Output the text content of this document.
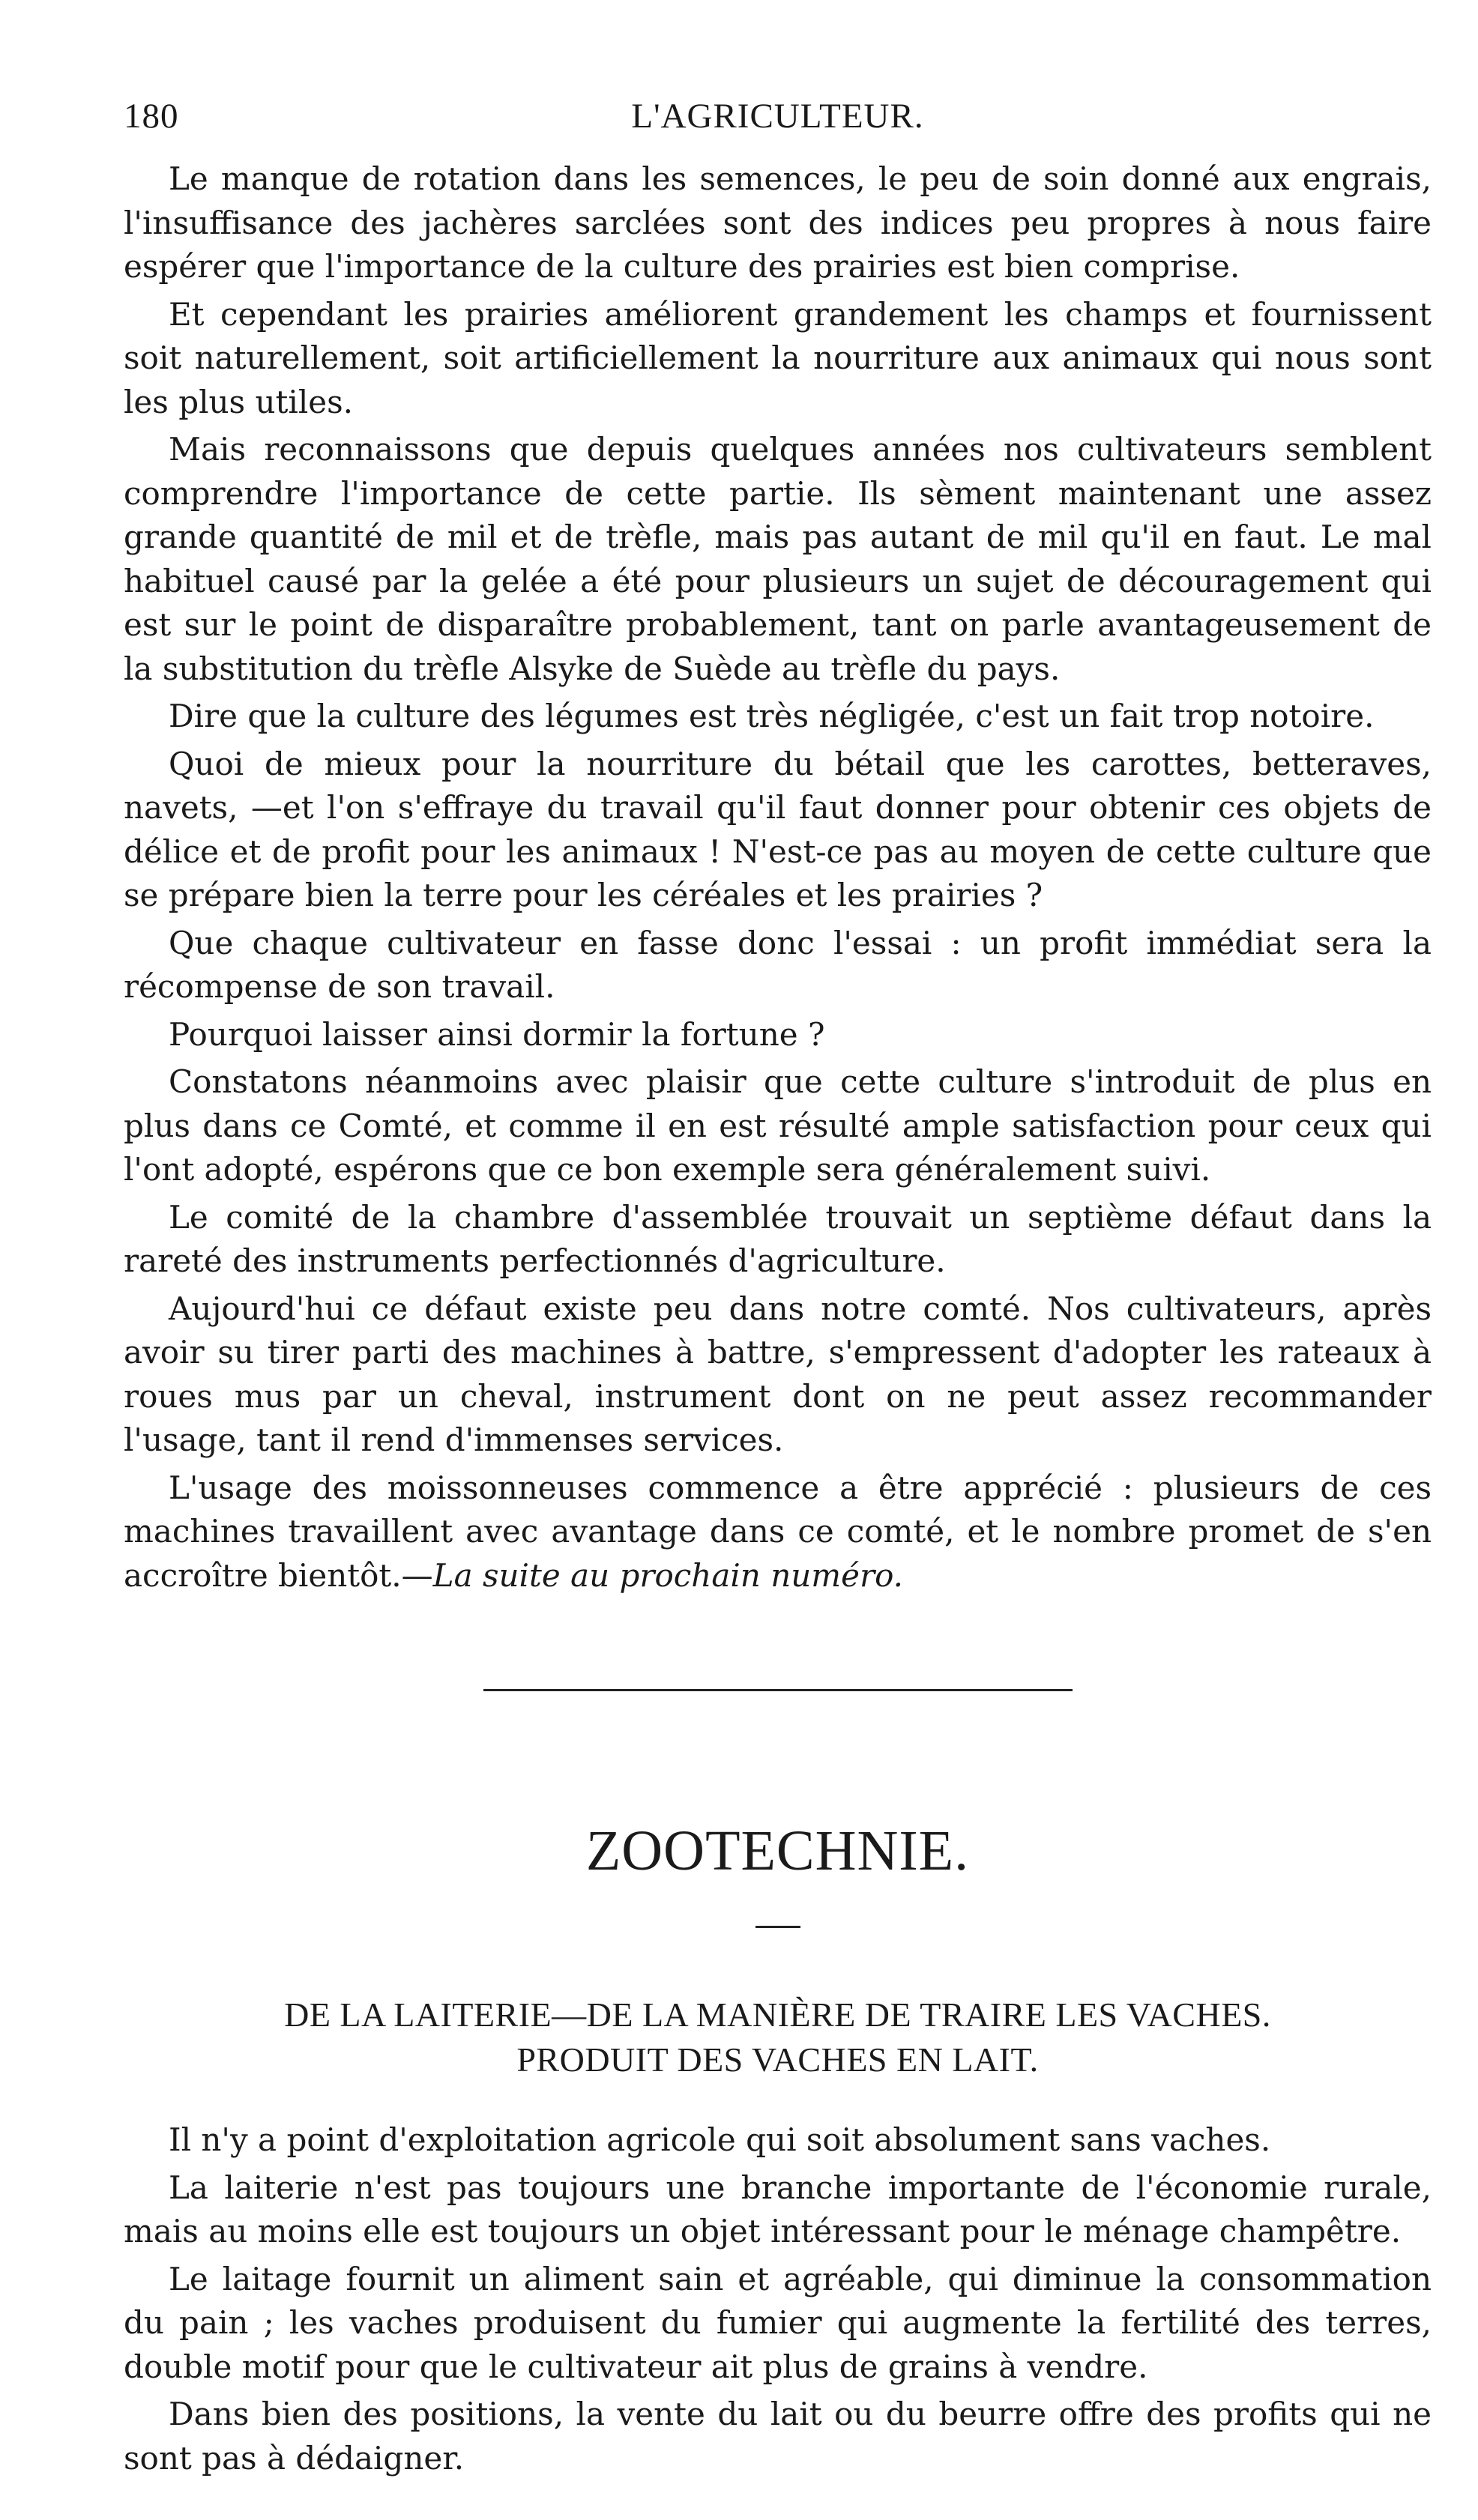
180	L'AGRICULTEUR.

Le manque de rotation dans les semences, le peu de soin donné aux engrais, l'insuffisance des jachères sarclées sont des indices peu propres à nous faire espérer que l'importance de la culture des prairies est bien comprise.

Et cependant les prairies améliorent grandement les champs et fournissent soit naturellement, soit artificiellement la nourriture aux animaux qui nous sont les plus utiles.

Mais reconnaissons que depuis quelques années nos cultivateurs semblent comprendre l'importance de cette partie. Ils sèment maintenant une assez grande quantité de mil et de trèfle, mais pas autant de mil qu'il en faut. Le mal habituel causé par la gelée a été pour plusieurs un sujet de découragement qui est sur le point de disparaître probablement, tant on parle avantageusement de la substitution du trèfle Alsyke de Suède au trèfle du pays.

Dire que la culture des légumes est très négligée, c'est un fait trop notoire.

Quoi de mieux pour la nourriture du bétail que les carottes, betteraves, navets, —et l'on s'effraye du travail qu'il faut donner pour obtenir ces objets de délice et de profit pour les animaux ! N'est-ce pas au moyen de cette culture que se prépare bien la terre pour les céréales et les prairies ?

Que chaque cultivateur en fasse donc l'essai : un profit immédiat sera la récompense de son travail.

Pourquoi laisser ainsi dormir la fortune ?

Constatons néanmoins avec plaisir que cette culture s'introduit de plus en plus dans ce Comté, et comme il en est résulté ample satisfaction pour ceux qui l'ont adopté, espérons que ce bon exemple sera généralement suivi.

Le comité de la chambre d'assemblée trouvait un septième défaut dans la rareté des instruments perfectionnés d'agriculture.

Aujourd'hui ce défaut existe peu dans notre comté. Nos cultivateurs, après avoir su tirer parti des machines à battre, s'empressent d'adopter les rateaux à roues mus par un cheval, instrument dont on ne peut assez recommander l'usage, tant il rend d'immenses services.

L'usage des moissonneuses commence a être apprécié : plusieurs de ces machines travaillent avec avantage dans ce comté, et le nombre promet de s'en accroître bientôt.—La suite au prochain numéro.

ZOOTECHNIE.
DE LA LAITERIE—DE LA MANIÈRE DE TRAIRE LES VACHES.
PRODUIT DES VACHES EN LAIT.

Il n'y a point d'exploitation agricole qui soit absolument sans vaches.

La laiterie n'est pas toujours une branche importante de l'économie rurale, mais au moins elle est toujours un objet intéressant pour le ménage champêtre.

Le laitage fournit un aliment sain et agréable, qui diminue la consommation du pain ; les vaches produisent du fumier qui augmente la fertilité des terres, double motif pour que le cultivateur ait plus de grains à vendre.

Dans bien des positions, la vente du lait ou du beurre offre des profits qui ne sont pas à dédaigner.
